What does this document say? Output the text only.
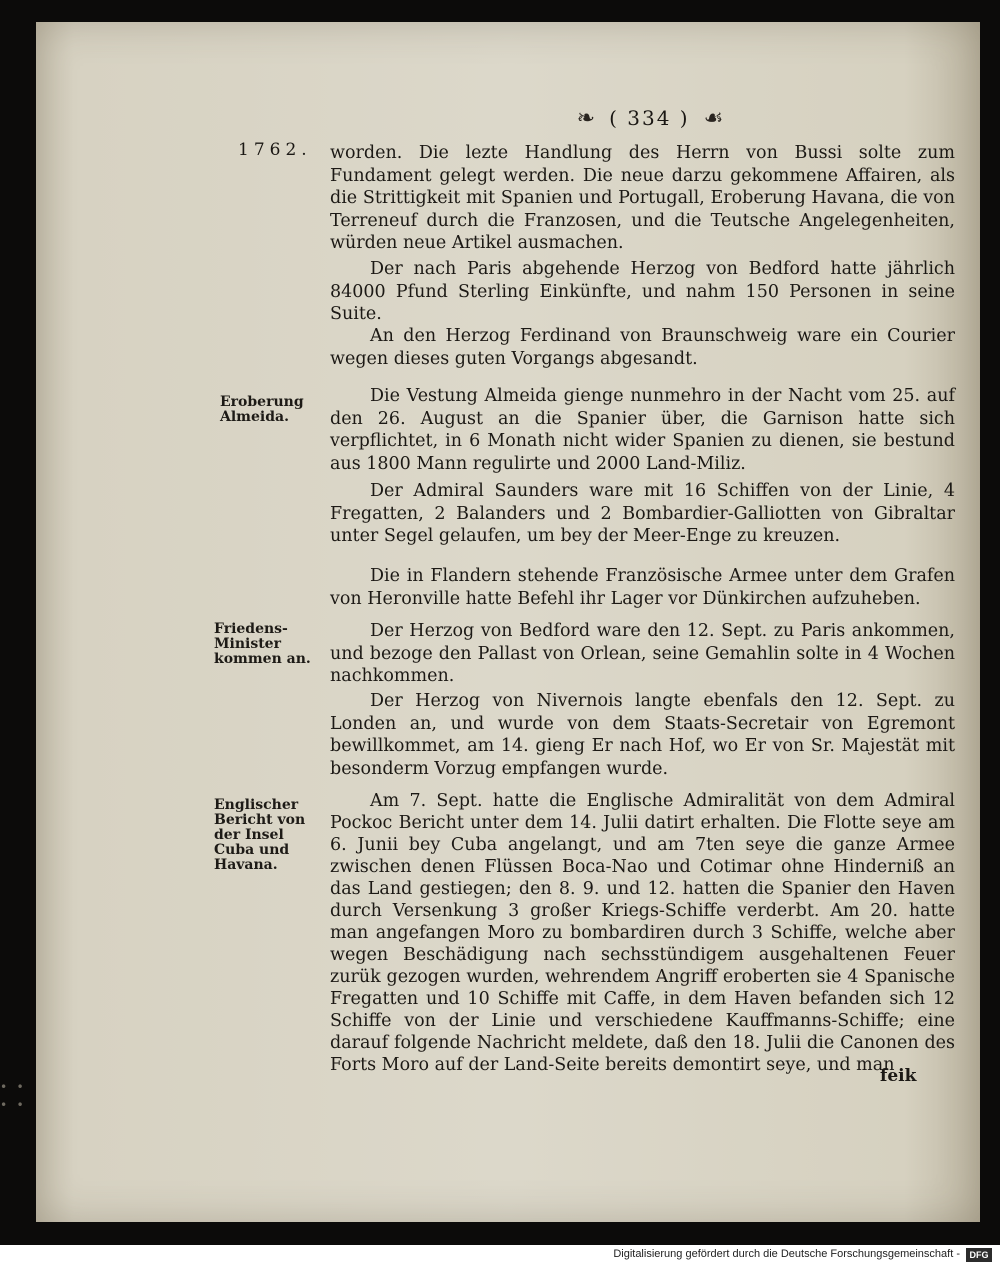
• • • •
❧ ( 334 ) ☙
1762.
Eroberung Almeida.
Friedens-Minister kommen an.
Englischer Bericht von der Insel Cuba und Havana.
worden. Die lezte Handlung des Herrn von Bussi solte zum Fundament gelegt werden. Die neue darzu gekommene Affairen, als die Strittigkeit mit Spanien und Portugall, Eroberung Havana, die von Terreneuf durch die Franzosen, und die Teutsche Angelegenheiten, würden neue Artikel ausmachen.
Der nach Paris abgehende Herzog von Bedford hatte jährlich 84000 Pfund Sterling Einkünfte, und nahm 150 Personen in seine Suite.
An den Herzog Ferdinand von Braunschweig ware ein Courier wegen dieses guten Vorgangs abgesandt.
Die Vestung Almeida gienge nunmehro in der Nacht vom 25. auf den 26. August an die Spanier über, die Garnison hatte sich verpflichtet, in 6 Monath nicht wider Spanien zu dienen, sie bestund aus 1800 Mann regulirte und 2000 Land-Miliz.
Der Admiral Saunders ware mit 16 Schiffen von der Linie, 4 Fregatten, 2 Balanders und 2 Bombardier-Galliotten von Gibraltar unter Segel gelaufen, um bey der Meer-Enge zu kreuzen.
Die in Flandern stehende Französische Armee unter dem Grafen von Heronville hatte Befehl ihr Lager vor Dünkirchen aufzuheben.
Der Herzog von Bedford ware den 12. Sept. zu Paris ankommen, und bezoge den Pallast von Orlean, seine Gemahlin solte in 4 Wochen nachkommen.
Der Herzog von Nivernois langte ebenfals den 12. Sept. zu Londen an, und wurde von dem Staats-Secretair von Egremont bewillkommet, am 14. gieng Er nach Hof, wo Er von Sr. Majestät mit besonderm Vorzug empfangen wurde.
Am 7. Sept. hatte die Englische Admiralität von dem Admiral Pockoc Bericht unter dem 14. Julii datirt erhalten. Die Flotte seye am 6. Junii bey Cuba angelangt, und am 7ten seye die ganze Armee zwischen denen Flüssen Boca-Nao und Cotimar ohne Hinderniß an das Land gestiegen; den 8. 9. und 12. hatten die Spanier den Haven durch Versenkung 3 großer Kriegs-Schiffe verderbt. Am 20. hatte man angefangen Moro zu bombardiren durch 3 Schiffe, welche aber wegen Beschädigung nach sechsstündigem ausgehaltenen Feuer zurük gezogen wurden, wehrendem Angriff eroberten sie 4 Spanische Fregatten und 10 Schiffe mit Caffe, in dem Haven befanden sich 12 Schiffe von der Linie und verschiedene Kauffmanns-Schiffe; eine darauf folgende Nachricht meldete, daß den 18. Julii die Canonen des Forts Moro auf der Land-Seite bereits demontirt seye, und man
feik
Digitalisierung gefördert durch die Deutsche Forschungsgemeinschaft -	DFG
